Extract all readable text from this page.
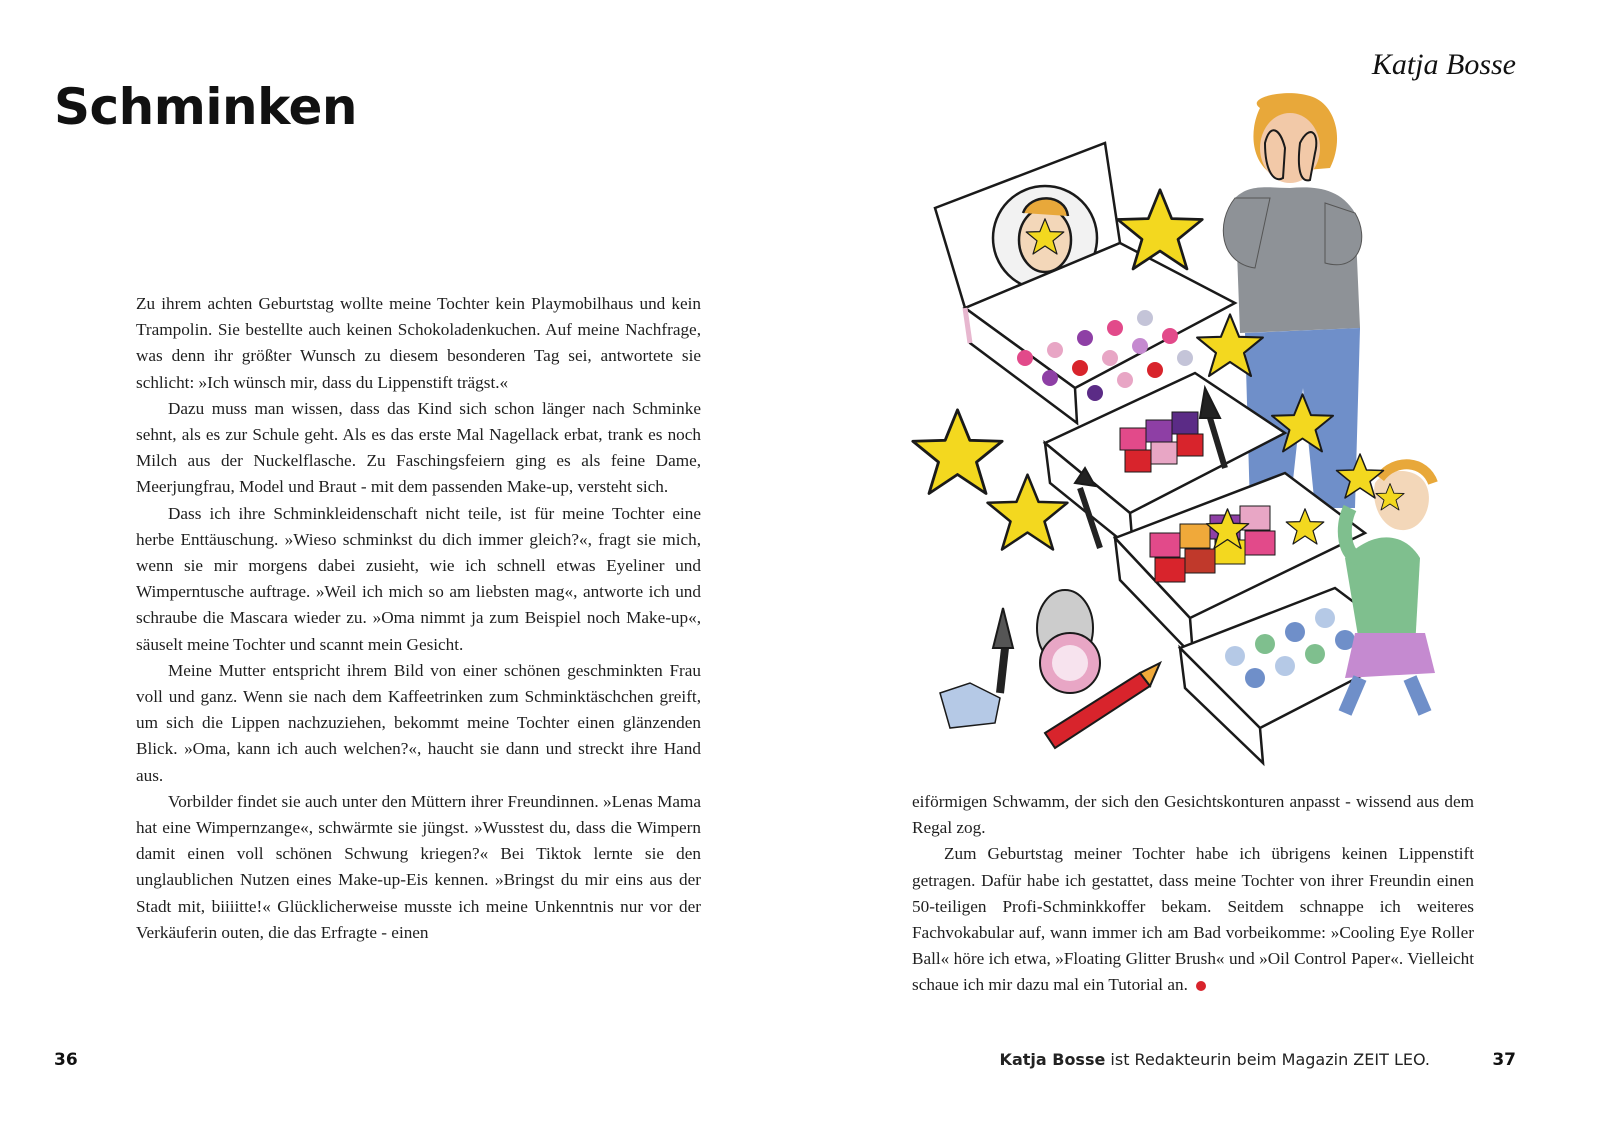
Schminken
Katja Bosse

Zu ihrem achten Geburtstag wollte meine Tochter kein Playmobilhaus und kein Trampolin. Sie bestellte auch keinen Schokoladenkuchen. Auf meine Nachfrage, was denn ihr größter Wunsch zu diesem besonderen Tag sei, antwortete sie schlicht: »Ich wünsch mir, dass du Lippenstift trägst.«

Dazu muss man wissen, dass das Kind sich schon länger nach Schminke sehnt, als es zur Schule geht. Als es das erste Mal Nagellack erbat, trank es noch Milch aus der Nuckelflasche. Zu Faschingsfeiern ging es als feine Dame, Meerjungfrau, Model und Braut - mit dem passenden Make-up, versteht sich.

Dass ich ihre Schminkleidenschaft nicht teile, ist für meine Tochter eine herbe Enttäuschung. »Wieso schminkst du dich immer gleich?«, fragt sie mich, wenn sie mir morgens dabei zusieht, wie ich schnell etwas Eyeliner und Wimperntusche auftrage. »Weil ich mich so am liebsten mag«, antworte ich und schraube die Mascara wieder zu. »Oma nimmt ja zum Beispiel noch Make-up«, säuselt meine Tochter und scannt mein Gesicht.

Meine Mutter entspricht ihrem Bild von einer schönen geschminkten Frau voll und ganz. Wenn sie nach dem Kaffeetrinken zum Schminktäschchen greift, um sich die Lippen nachzuziehen, bekommt meine Tochter einen glänzenden Blick. »Oma, kann ich auch welchen?«, haucht sie dann und streckt ihre Hand aus.

Vorbilder findet sie auch unter den Müttern ihrer Freundinnen. »Lenas Mama hat eine Wimpernzange«, schwärmte sie jüngst. »Wusstest du, dass die Wimpern damit einen voll schönen Schwung kriegen?« Bei Tiktok lernte sie den unglaublichen Nutzen eines Make-up-Eis kennen. »Bringst du mir eins aus der Stadt mit, biiiitte!« Glücklicherweise musste ich meine Unkenntnis nur vor der Verkäuferin outen, die das Erfragte - einen

eiförmigen Schwamm, der sich den Gesichtskonturen anpasst - wissend aus dem Regal zog.

Zum Geburtstag meiner Tochter habe ich übrigens keinen Lippenstift getragen. Dafür habe ich gestattet, dass meine Tochter von ihrer Freundin einen 50-teiligen Profi-Schminkkoffer bekam. Seitdem schnappe ich weiteres Fachvokabular auf, wann immer ich am Bad vorbeikomme: »Cooling Eye Roller Ball« höre ich etwa, »Floating Glitter Brush« und »Oil Control Paper«. Vielleicht schaue ich mir dazu mal ein Tutorial an.

36	Katja Bosse ist Redakteurin beim Magazin ZEIT LEO.	37
